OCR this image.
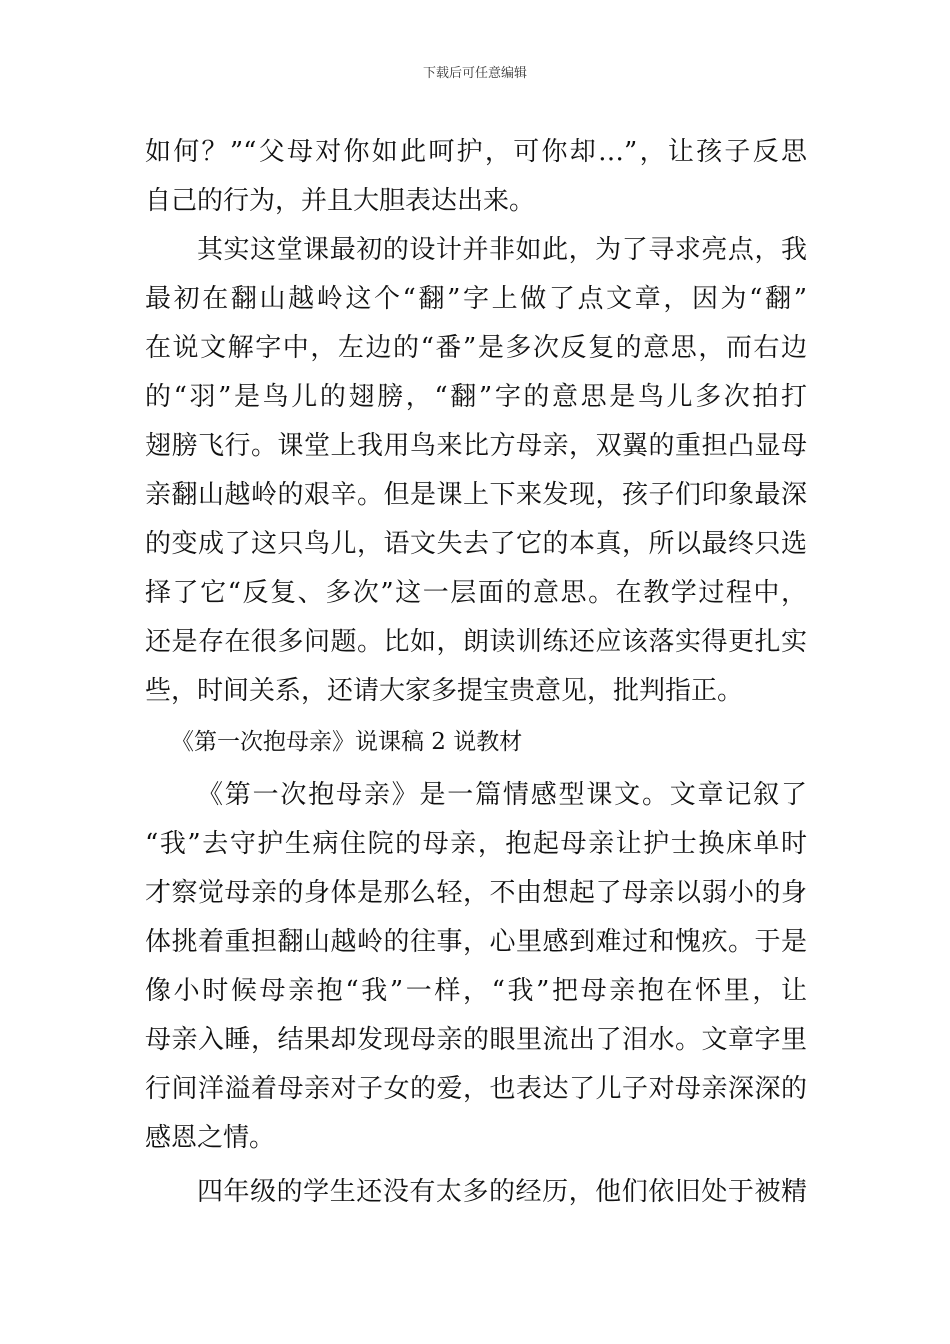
下载后可任意编辑
如何？”“父母对你如此呵护，可你却…”，让孩子反思
自己的行为，并且大胆表达出来。
其实这堂课最初的设计并非如此，为了寻求亮点，我
最初在翻山越岭这个“翻”字上做了点文章，因为“翻”
在说文解字中，左边的“番”是多次反复的意思，而右边
的“羽”是鸟儿的翅膀，“翻”字的意思是鸟儿多次拍打
翅膀飞行。课堂上我用鸟来比方母亲，双翼的重担凸显母
亲翻山越岭的艰辛。但是课上下来发现，孩子们印象最深
的变成了这只鸟儿，语文失去了它的本真，所以最终只选
择了它“反复、多次”这一层面的意思。在教学过程中，
还是存在很多问题。比如，朗读训练还应该落实得更扎实
些，时间关系，还请大家多提宝贵意见，批判指正。
《第一次抱母亲》说课稿 2 说教材
《第一次抱母亲》是一篇情感型课文。文章记叙了
“我”去守护生病住院的母亲，抱起母亲让护士换床单时
才察觉母亲的身体是那么轻，不由想起了母亲以弱小的身
体挑着重担翻山越岭的往事，心里感到难过和愧疚。于是
像小时候母亲抱“我”一样，“我”把母亲抱在怀里，让
母亲入睡，结果却发现母亲的眼里流出了泪水。文章字里
行间洋溢着母亲对子女的爱，也表达了儿子对母亲深深的
感恩之情。
四年级的学生还没有太多的经历，他们依旧处于被精
